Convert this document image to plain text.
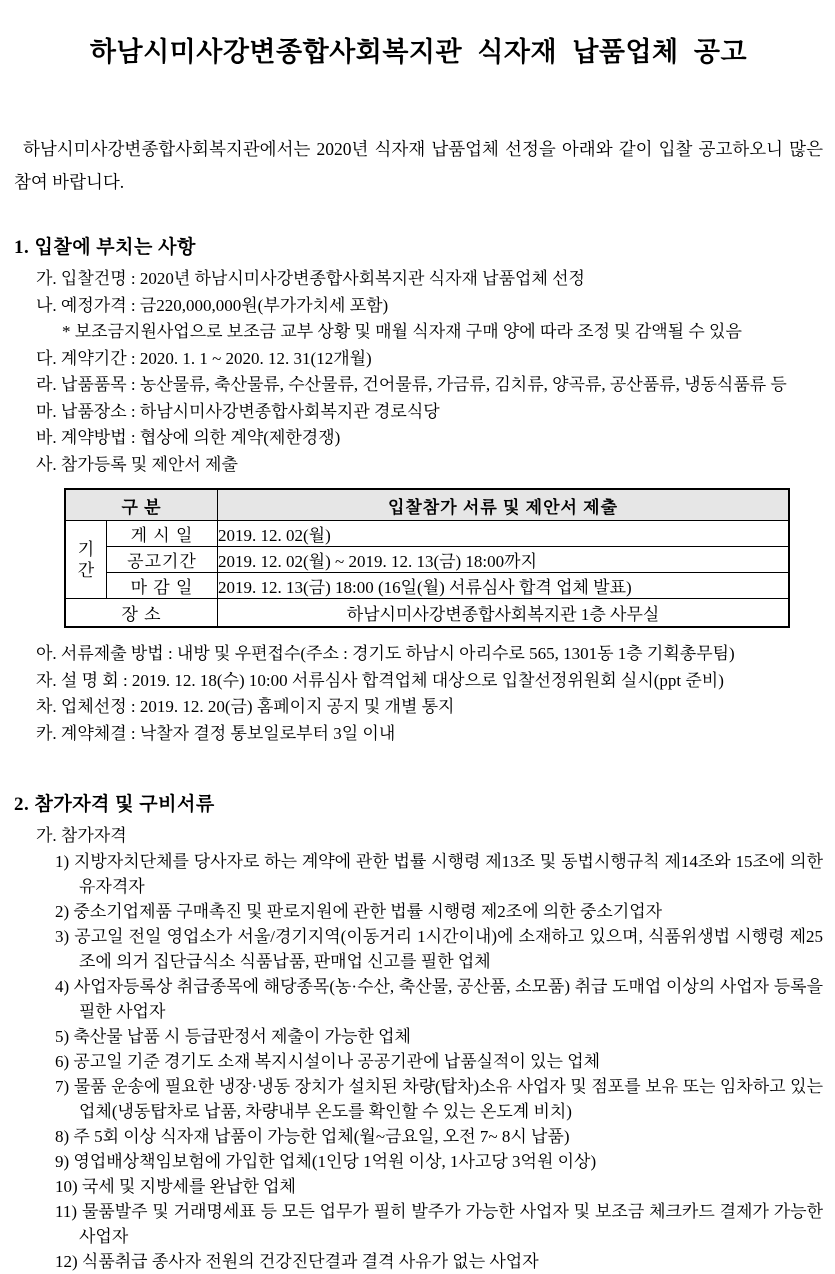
하남시미사강변종합사회복지관 식자재 납품업체 공고

하남시미사강변종합사회복지관에서는 2020년 식자재 납품업체 선정을 아래와 같이 입찰 공고하오니 많은 참여 바랍니다.

1. 입찰에 부치는 사항

가. 입찰건명 : 2020년 하남시미사강변종합사회복지관 식자재 납품업체 선정

나. 예정가격 : 금220,000,000원(부가가치세 포함)

* 보조금지원사업으로 보조금 교부 상황 및 매월 식자재 구매 양에 따라 조정 및 감액될 수 있음

다. 계약기간 : 2020. 1. 1 ~ 2020. 12. 31(12개월)

라. 납품품목 : 농산물류, 축산물류, 수산물류, 건어물류, 가금류, 김치류, 양곡류, 공산품류, 냉동식품류 등

마. 납품장소 : 하남시미사강변종합사회복지관 경로식당

바. 계약방법 : 협상에 의한 계약(제한경쟁)

사. 참가등록 및 제안서 제출

구 분		입찰참가 서류 및 제안서 제출

기
간	게 시 일	2019. 12. 02(월)
	공고기간	2019. 12. 02(월) ~ 2019. 12. 13(금) 18:00까지
	마 감 일	2019. 12. 13(금) 18:00 (16일(월) 서류심사 합격 업체 발표)
장 소		하남시미사강변종합사회복지관 1층 사무실

아. 서류제출 방법 : 내방 및 우편접수(주소 : 경기도 하남시 아리수로 565, 1301동 1층 기획총무팀)

자. 설 명 회 : 2019. 12. 18(수) 10:00 서류심사 합격업체 대상으로 입찰선정위원회 실시(ppt 준비)

차. 업체선정 : 2019. 12. 20(금) 홈페이지 공지 및 개별 통지

카. 계약체결 : 낙찰자 결정 통보일로부터 3일 이내

2. 참가자격 및 구비서류

가. 참가자격

1) 지방자치단체를 당사자로 하는 계약에 관한 법률 시행령 제13조 및 동법시행규칙 제14조와 15조에 의한 유자격자

2) 중소기업제품 구매촉진 및 판로지원에 관한 법률 시행령 제2조에 의한 중소기업자

3) 공고일 전일 영업소가 서울/경기지역(이동거리 1시간이내)에 소재하고 있으며, 식품위생법 시행령 제25조에 의거 집단급식소 식품납품, 판매업 신고를 필한 업체

4) 사업자등록상 취급종목에 해당종목(농·수산, 축산물, 공산품, 소모품) 취급 도매업 이상의 사업자 등록을 필한 사업자

5) 축산물 납품 시 등급판정서 제출이 가능한 업체

6) 공고일 기준 경기도 소재 복지시설이나 공공기관에 납품실적이 있는 업체

7) 물품 운송에 필요한 냉장·냉동 장치가 설치된 차량(탑차)소유 사업자 및 점포를 보유 또는 임차하고 있는 업체(냉동탑차로 납품, 차량내부 온도를 확인할 수 있는 온도계 비치)

8) 주 5회 이상 식자재 납품이 가능한 업체(월~금요일, 오전 7~ 8시 납품)

9) 영업배상책임보험에 가입한 업체(1인당 1억원 이상, 1사고당 3억원 이상)

10) 국세 및 지방세를 완납한 업체

11) 물품발주 및 거래명세표 등 모든 업무가 필히 발주가 가능한 사업자 및 보조금 체크카드 결제가 가능한 사업자

12) 식품취급 종사자 전원의 건강진단결과 결격 사유가 없는 사업자
